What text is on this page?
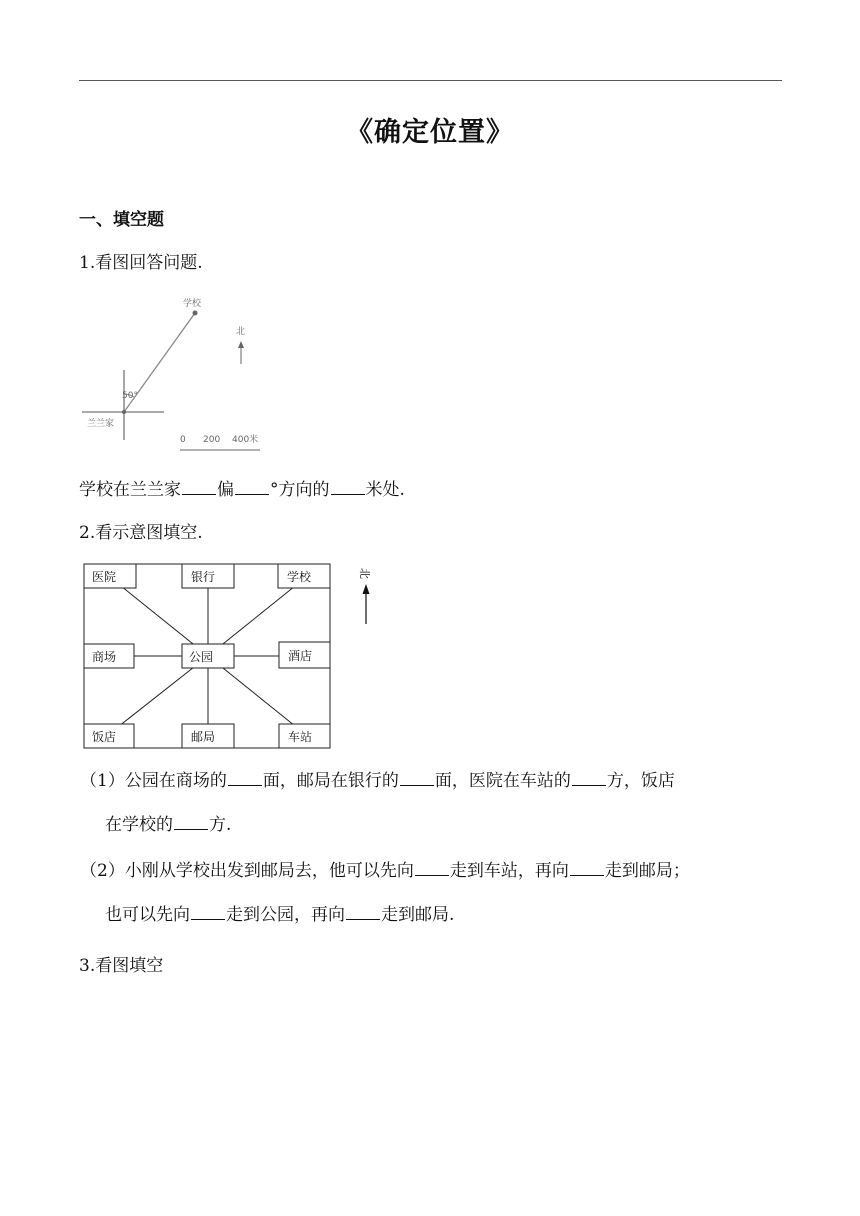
《确定位置》
一、填空题
1.看图回答问题.
学校
50°
兰兰家
北
0 200 400米
学校在兰兰家 偏 °方向的 米处.
2.看示意图填空.
医院	银行	学校
商场	公园	酒店
饭店	邮局	车站
北
（1）公园在商场的 面，邮局在银行的 面，医院在车站的 方，饭店
在学校的 方.
（2）小刚从学校出发到邮局去，他可以先向 走到车站，再向 走到邮局；
也可以先向 走到公园，再向 走到邮局.
3.看图填空
